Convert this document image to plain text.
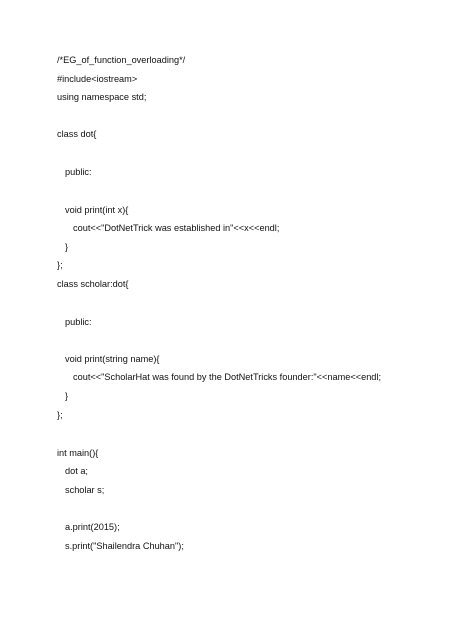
/*EG_of_function_overloading*/
#include<iostream>
using namespace std;
class dot{
public:
void print(int x){
cout<<"DotNetTrick was established in"<<x<<endl;
}
};
class scholar:dot{
public:
void print(string name){
cout<<"ScholarHat was found by the DotNetTricks founder:"<<name<<endl;
}
};
int main(){
dot a;
scholar s;
a.print(2015);
s.print("Shailendra Chuhan");
